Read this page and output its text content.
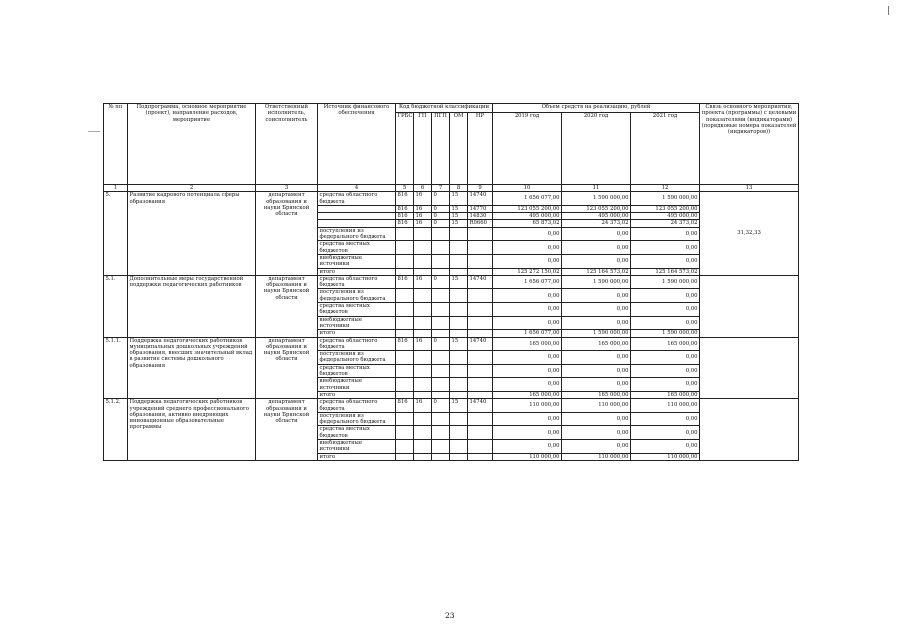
№ пп	Подпрограмма, основное мероприятие (проект), направление расходов, мероприятие	Ответственный исполнитель, соисполнитель	Источник финансового обеспечения	Код бюджетной классификации					Объем средств на реализацию, рублей			Связь основного мероприятия, проекта (программы) с целевыми показателями (индикаторами) (порядковые номера показателей (индикаторов))
				ГРБС	ГП	ПГП	ОМ	НР	2019 год	2020 год	2021 год	
1	2	3	4	5	6	7	8	9	10	11	12	13
5.	Развитие кадрового потенциала сферы образования	департамент образования и науки Брянской области	средства областного бюджета	816	16	0	15	14740	1 656 077,00	1 590 000,00	1 590 000,00	31,32,33
				816	16	0	15	14770	123 055 200,00	123 055 200,00	123 055 200,00	
				816	16	0	15	14830	495 000,00	495 000,00	495 000,00	
				816	16	0	15	R0660	65 873,02	24 373,02	24 373,02	
			поступления из федерального бюджета						0,00	0,00	0,00	
			средства местных бюджетов						0,00	0,00	0,00	
			внебюджетные источники						0,00	0,00	0,00	
			итого						125 272 150,02	125 164 573,02	125 164 573,02	
5.1.	Дополнительные меры государственной поддержки педагогических работников	департамент образования и науки Брянской области	средства областного бюджета	816	16	0	15	14740	1 656 077,00	1 590 000,00	1 590 000,00	
			поступления из федерального бюджета						0,00	0,00	0,00	
			средства местных бюджетов						0,00	0,00	0,00	
			внебюджетные источники						0,00	0,00	0,00	
			итого						1 656 077,00	1 590 000,00	1 590 000,00	
5.1.1.	Поддержка педагогических работников муниципальных дошкольных учреждений образования, внесших значительный вклад в развитие системы дошкольного образования	департамент образования и науки Брянской области	средства областного бюджета	816	16	0	15	14740	165 000,00	165 000,00	165 000,00	
			поступления из федерального бюджета						0,00	0,00	0,00	
			средства местных бюджетов						0,00	0,00	0,00	
			внебюджетные источники						0,00	0,00	0,00	
			итого						165 000,00	165 000,00	165 000,00	
5.1.2.	Поддержка педагогических работников учреждений среднего профессионального образования, активно внедряющих инновационные образовательные программы	департамент образования и науки Брянской области	средства областного бюджета	816	16	0	15	14740	110 000,00	110 000,00	110 000,00	
			поступления из федерального бюджета						0,00	0,00	0,00	
			средства местных бюджетов						0,00	0,00	0,00	
			внебюджетные источники						0,00	0,00	0,00	
			итого						110 000,00	110 000,00	110 000,00	
23
